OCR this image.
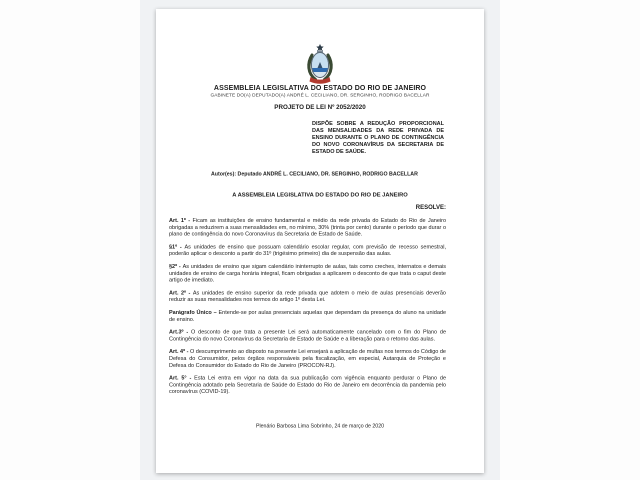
ASSEMBLEIA LEGISLATIVA DO ESTADO DO RIO DE JANEIRO
GABINETE DO(A) DEPUTADO(A) ANDRÉ L. CECILIANO, DR. SERGINHO, RODRIGO BACELLAR
PROJETO DE LEI Nº 2052/2020
DISPÕE SOBRE A REDUÇÃO PROPORCIONAL DAS MENSALIDADES DA REDE PRIVADA DE ENSINO DURANTE O PLANO DE CONTINGÊNCIA DO NOVO CORONAVÍRUS DA SECRETARIA DE ESTADO DE SAÚDE.
Autor(es): Deputado ANDRÉ L. CECILIANO, DR. SERGINHO, RODRIGO BACELLAR
A ASSEMBLEIA LEGISLATIVA DO ESTADO DO RIO DE JANEIRO
RESOLVE:

Art. 1º - Ficam as instituições de ensino fundamental e médio da rede privada do Estado do Rio de Janeiro obrigadas a reduzirem a suas mensalidades em, no mínimo, 30% (trinta por cento) durante o período que durar o plano de contingência do novo Coronavírus da Secretaria de Estado de Saúde.

§1º - As unidades de ensino que possuam calendário escolar regular, com previsão de recesso semestral, poderão aplicar o desconto a partir do 31º (trigésimo primeiro) dia de suspensão das aulas.

§2º - As unidades de ensino que sigam calendário ininterrupto de aulas, tais como creches, internatos e demais unidades de ensino de carga horária integral, ficam obrigadas a aplicarem o desconto de que trata o caput deste artigo de imediato.

Art. 2º - As unidades de ensino superior da rede privada que adotem o meio de aulas presenciais deverão reduzir as suas mensalidades nos termos do artigo 1º desta Lei.

Parágrafo Único – Entende-se por aulas presenciais aquelas que dependam da presença do aluno na unidade de ensino.

Art.3º - O desconto de que trata a presente Lei será automaticamente cancelado com o fim do Plano de Contingência do novo Coronavírus da Secretaria de Estado de Saúde e a liberação para o retorno das aulas.

Art. 4º - O descumprimento ao disposto na presente Lei ensejará a aplicação de multas nos termos do Código de Defesa do Consumidor, pelos órgãos responsáveis pela fiscalização, em especial, Autarquia de Proteção e Defesa do Consumidor do Estado do Rio de Janeiro (PROCON-RJ).

Art. 5° - Esta Lei entra em vigor na data da sua publicação com vigência enquanto perdurar o Plano de Contingência adotado pela Secretaria de Saúde do Estado do Rio de Janeiro em decorrência da pandemia pelo coronavírus (COVID-19).

Plenário Barbosa Lima Sobrinho, 24 de março de 2020
